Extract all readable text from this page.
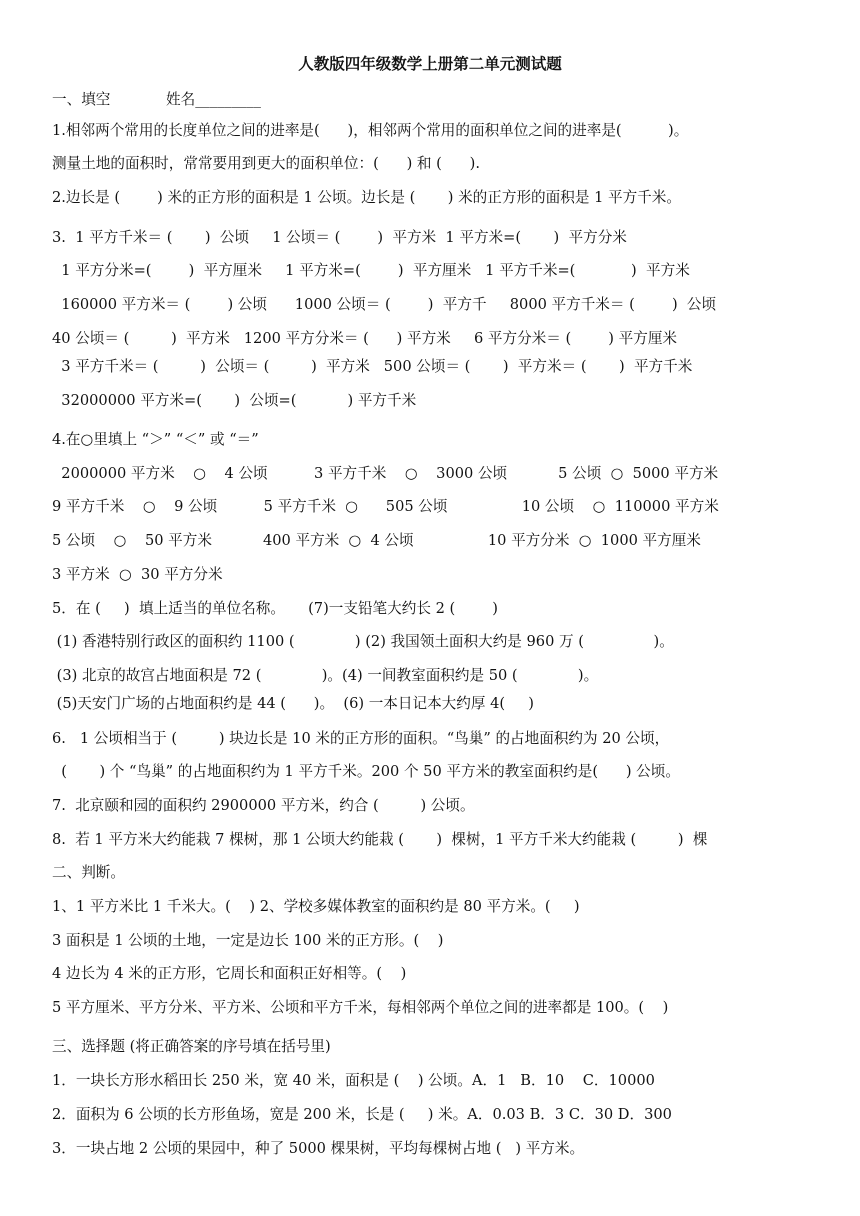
人教版四年级数学上册第二单元测试题
一、填空            姓名_________
1.相邻两个常用的长度单位之间的进率是(      )，相邻两个常用的面积单位之间的进率是(          )。
测量土地的面积时，常常要用到更大的面积单位：(      ) 和 (      ).
2.边长是 (        ) 米的正方形的面积是 1 公顷。边长是 (       ) 米的正方形的面积是 1 平方千米。
3.  1 平方千米＝ (       )  公顷     1 公顷＝ (        )  平方米  1 平方米=(       )  平方分米
1 平方分米=(        )  平方厘米     1 平方米=(        )  平方厘米   1 平方千米=(            )  平方米
160000 平方米＝ (        ) 公顷      1000 公顷＝ (        )  平方千     8000 平方千米＝ (        )  公顷
40 公顷＝ (         )  平方米   1200 平方分米＝ (      ) 平方米     6 平方分米＝ (        ) 平方厘米
3 平方千米＝ (         )  公顷＝ (         )  平方米   500 公顷＝ (       )  平方米＝ (       )  平方千米
32000000 平方米=(       )  公顷=(           ) 平方千米
4.在○里填上 “＞” “＜” 或 “＝”
2000000 平方米    ○    4 公顷          3 平方千米    ○    3000 公顷           5 公顷  ○  5000 平方米
9 平方千米    ○    9 公顷          5 平方千米  ○      505 公顷                10 公顷    ○  110000 平方米
5 公顷    ○    50 平方米           400 平方米  ○  4 公顷                10 平方分米  ○  1000 平方厘米
3 平方米  ○  30 平方分米
5．在 (     )  填上适当的单位名称。     (7)一支铅笔大约长 2 (        )
(1) 香港特别行政区的面积约 1100 (             ) (2) 我国领土面积大约是 960 万 (               )。
(3) 北京的故宫占地面积是 72 (             )。(4) 一间教室面积约是 50 (             )。
(5)天安门广场的占地面积约是 44 (      )。  (6) 一本日记本大约厚 4(     )
6.   1 公顷相当于 (         ) 块边长是 10 米的正方形的面积。“鸟巢” 的占地面积约为 20 公顷，
(       ) 个 “鸟巢” 的占地面积约为 1 平方千米。200 个 50 平方米的教室面积约是(      ) 公顷。
7.  北京颐和园的面积约 2900000 平方米，约合 (         ) 公顷。
8.  若 1 平方米大约能栽 7 棵树，那 1 公顷大约能栽 (       )  棵树，1 平方千米大约能栽 (         )  棵
二、判断。
1、1 平方米比 1 千米大。(    ) 2、学校多媒体教室的面积约是 80 平方米。(     )
3 面积是 1 公顷的土地，一定是边长 100 米的正方形。(    )
4 边长为 4 米的正方形，它周长和面积正好相等。(    )
5 平方厘米、平方分米、平方米、公顷和平方千米，每相邻两个单位之间的进率都是 100。(    )
三、选择题 (将正确答案的序号填在括号里)
1．一块长方形水稻田长 250 米，宽 40 米，面积是 (    ) 公顷。A．1   B．10    C．10000
2．面积为 6 公顷的长方形鱼场，宽是 200 米，长是 (     ) 米。A．0.03 B．3 C．30 D．300
3．一块占地 2 公顷的果园中，种了 5000 棵果树，平均每棵树占地 (   ) 平方米。
